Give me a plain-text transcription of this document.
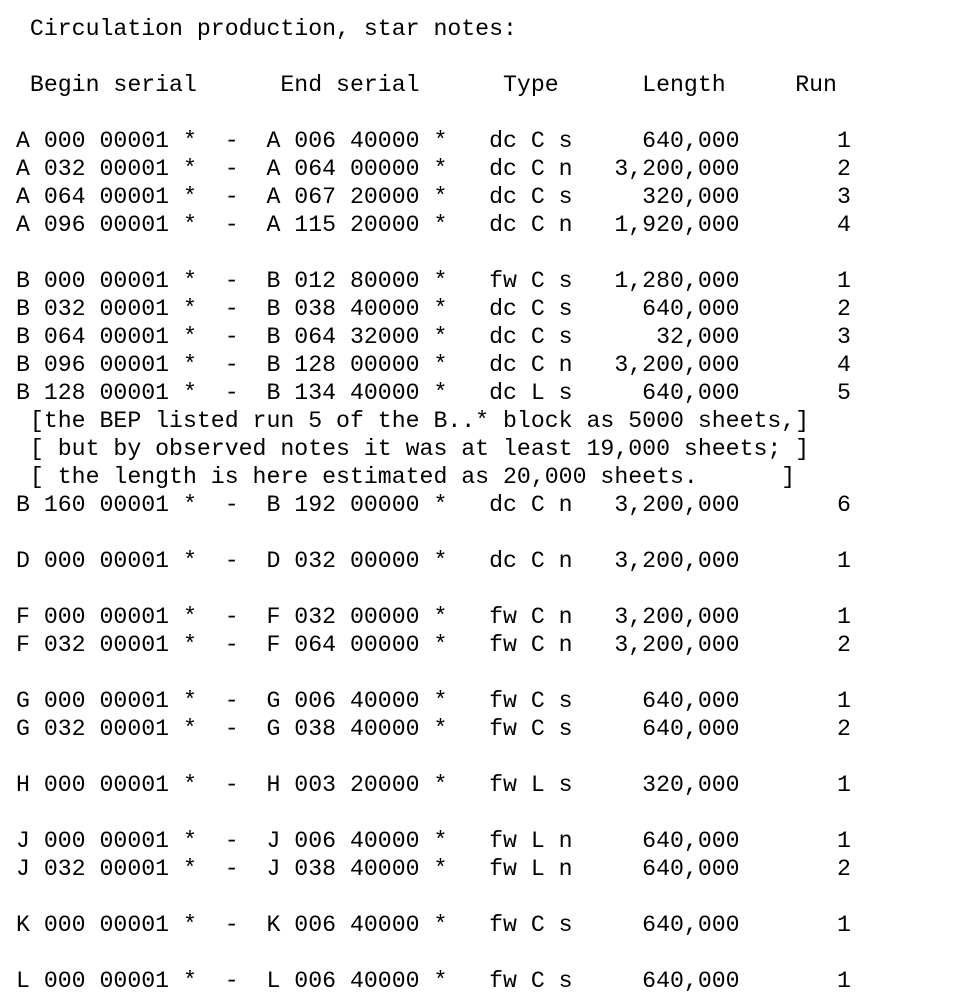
Circulation production, star notes:
Begin serial      End serial      Type      Length     Run
A 000 00001 *  -  A 006 40000 *   dc C s     640,000       1
A 032 00001 *  -  A 064 00000 *   dc C n   3,200,000       2
A 064 00001 *  -  A 067 20000 *   dc C s     320,000       3
A 096 00001 *  -  A 115 20000 *   dc C n   1,920,000       4
B 000 00001 *  -  B 012 80000 *   fw C s   1,280,000       1
B 032 00001 *  -  B 038 40000 *   dc C s     640,000       2
B 064 00001 *  -  B 064 32000 *   dc C s      32,000       3
B 096 00001 *  -  B 128 00000 *   dc C n   3,200,000       4
B 128 00001 *  -  B 134 40000 *   dc L s     640,000       5
[the BEP listed run 5 of the B..* block as 5000 sheets,]
[ but by observed notes it was at least 19,000 sheets; ]
[ the length is here estimated as 20,000 sheets.      ]
B 160 00001 *  -  B 192 00000 *   dc C n   3,200,000       6
D 000 00001 *  -  D 032 00000 *   dc C n   3,200,000       1
F 000 00001 *  -  F 032 00000 *   fw C n   3,200,000       1
F 032 00001 *  -  F 064 00000 *   fw C n   3,200,000       2
G 000 00001 *  -  G 006 40000 *   fw C s     640,000       1
G 032 00001 *  -  G 038 40000 *   fw C s     640,000       2
H 000 00001 *  -  H 003 20000 *   fw L s     320,000       1
J 000 00001 *  -  J 006 40000 *   fw L n     640,000       1
J 032 00001 *  -  J 038 40000 *   fw L n     640,000       2
K 000 00001 *  -  K 006 40000 *   fw C s     640,000       1
L 000 00001 *  -  L 006 40000 *   fw C s     640,000       1
